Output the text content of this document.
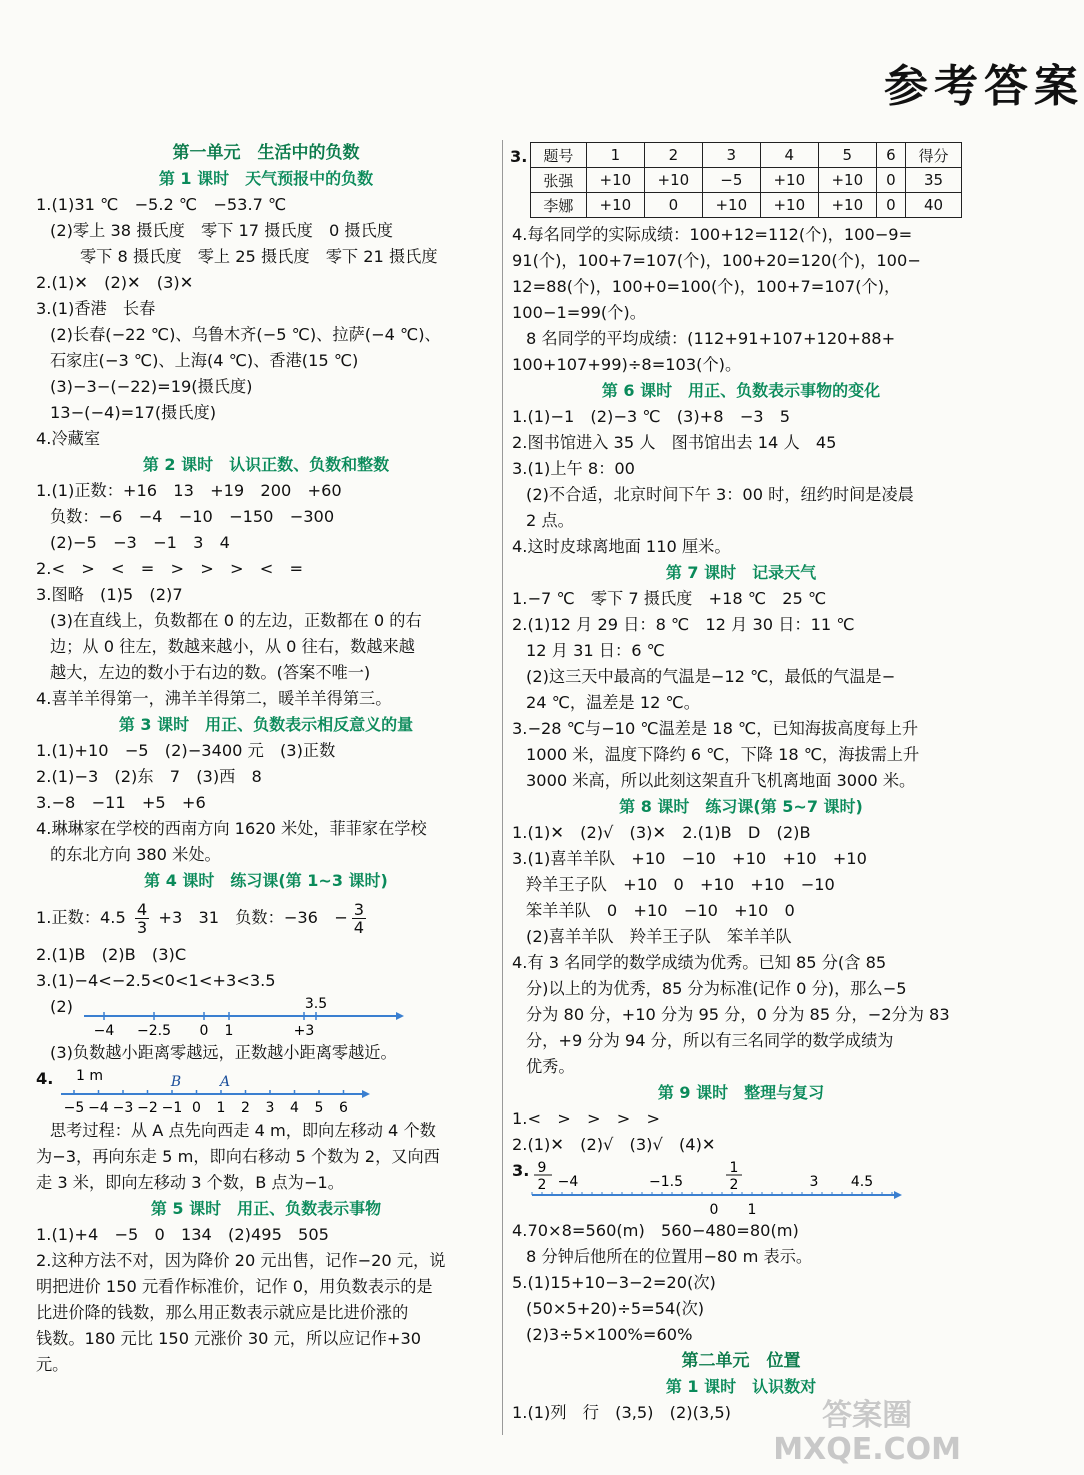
参考答案
第一单元　生活中的负数
第 1 课时　天气预报中的负数
1.(1)31 ℃　−5.2 ℃　−53.7 ℃
(2)零上 38 摄氏度　零下 17 摄氏度　0 摄氏度
零下 8 摄氏度　零上 25 摄氏度　零下 21 摄氏度
2.(1)✕　(2)✕　(3)✕
3.(1)香港　长春
(2)长春(−22 ℃)、乌鲁木齐(−5 ℃)、拉萨(−4 ℃)、
石家庄(−3 ℃)、上海(4 ℃)、香港(15 ℃)
(3)−3−(−22)=19(摄氏度)
13−(−4)=17(摄氏度)
4.冷藏室
第 2 课时　认识正数、负数和整数
1.(1)正数：+16　13　+19　200　+60
负数：−6　−4　−10　−150　−300
(2)−5　−3　−1　3　4
2.<　>　<　=　>　>　>　<　=
3.图略　(1)5　(2)7
(3)在直线上，负数都在 0 的左边，正数都在 0 的右
边；从 0 往左，数越来越小，从 0 往右，数越来越
越大，左边的数小于右边的数。(答案不唯一)
4.喜羊羊得第一，沸羊羊得第二，暖羊羊得第三。
第 3 课时　用正、负数表示相反意义的量
1.(1)+10　−5　(2)−3400 元　(3)正数
2.(1)−3　(2)东　7　(3)西　8
3.−8　−11　+5　+6
4.琳琳家在学校的西南方向 1620 米处，菲菲家在学校
的东北方向 380 米处。
第 4 课时　练习课(第 1~3 课时)
1.正数：$4.5 \frac{4}{3} +3$　31　负数：−36　− $\frac{3}{4}$
2.(1)B　(2)B　(3)C
3.(1)−4<−2.5<0<1<+3<3.5
(2)	3.5
−4 −2.5 0 1	+3
(3)负数越小距离零越远，正数越小距离零越近。
4. 1 m	B	A
−5 −4 −3 −2 −1 0 1 2 3 4 5 6
思考过程：从 A 点先向西走 4 m，即向左移动 4 个数
为−3，再向东走 5 m，即向右移动 5 个数为 2，又向西
走 3 米，即向左移动 3 个数，B 点为−1。
第 5 课时　用正、负数表示事物
1.(1)+4　−5　0　134　(2)495　505
2.这种方法不对，因为降价 20 元出售，记作−20 元，说
明把进价 150 元看作标准价，记作 0，用负数表示的是
比进价降的钱数，那么用正数表示就应是比进价涨的
钱数。180 元比 150 元涨价 30 元，所以应记作+30
元。
3. 题号	1	2	3	4	5	6	得分
张强	+10	+10	−5	+10	+10	0	35
李娜	+10	0	+10	+10	+10	0	40
4.每名同学的实际成绩：100+12=112(个)，100−9=
91(个)，100+7=107(个)，100+20=120(个)，100−
12=88(个)，100+0=100(个)，100+7=107(个)，
100−1=99(个)。
8 名同学的平均成绩：(112+91+107+120+88+
100+107+99)÷8=103(个)。
第 6 课时　用正、负数表示事物的变化
1.(1)−1　(2)−3 ℃　(3)+8　−3　5
2.图书馆进入 35 人　图书馆出去 14 人　45
3.(1)上午 8：00
(2)不合适，北京时间下午 3：00 时，纽约时间是凌晨
2 点。
4.这时皮球离地面 110 厘米。
第 7 课时　记录天气
1.−7 ℃　零下 7 摄氏度　+18 ℃　25 ℃
2.(1)12 月 29 日：8 ℃　12 月 30 日：11 ℃
12 月 31 日：6 ℃
(2)这三天中最高的气温是−12 ℃，最低的气温是−
24 ℃，温差是 12 ℃。
3.−28 ℃与−10 ℃温差是 18 ℃，已知海拔高度每上升
1000 米，温度下降约 6 ℃，下降 18 ℃，海拔需上升
3000 米高，所以此刻这架直升飞机离地面 3000 米。
第 8 课时　练习课(第 5~7 课时)
1.(1)✕　(2)√　(3)✕　2.(1)B　D　(2)B
3.(1)喜羊羊队　+10　−10　+10　+10　+10
羚羊王子队　+10　0　+10　+10　−10
笨羊羊队　0　+10　−10　+10　0
(2)喜羊羊队　羚羊王子队　笨羊羊队
4.有 3 名同学的数学成绩为优秀。已知 85 分(含 85
分)以上的为优秀，85 分为标准(记作 0 分)，那么−5
分为 80 分，+10 分为 95 分，0 分为 85 分，−2分为 83
分，+9 分为 94 分，所以有三名同学的数学成绩为
优秀。
第 9 课时　整理与复习
1.<　>　>　>　>
2.(1)✕　(2)√　(3)√　(4)✕
3. 9
2 −4	−1.5
1
2	3 4.5
0 1
4.70×8=560(m)　560−480=80(m)
8 分钟后他所在的位置用−80 m 表示。
5.(1)15+10−3−2=20(次)
(50×5+20)÷5=54(次)
(2)3÷5×100%=60%
第二单元　位置
第 1 课时　认识数对
1.(1)列　行　(3,5)　(2)(3,5)	答案圈
MXQE.COM
